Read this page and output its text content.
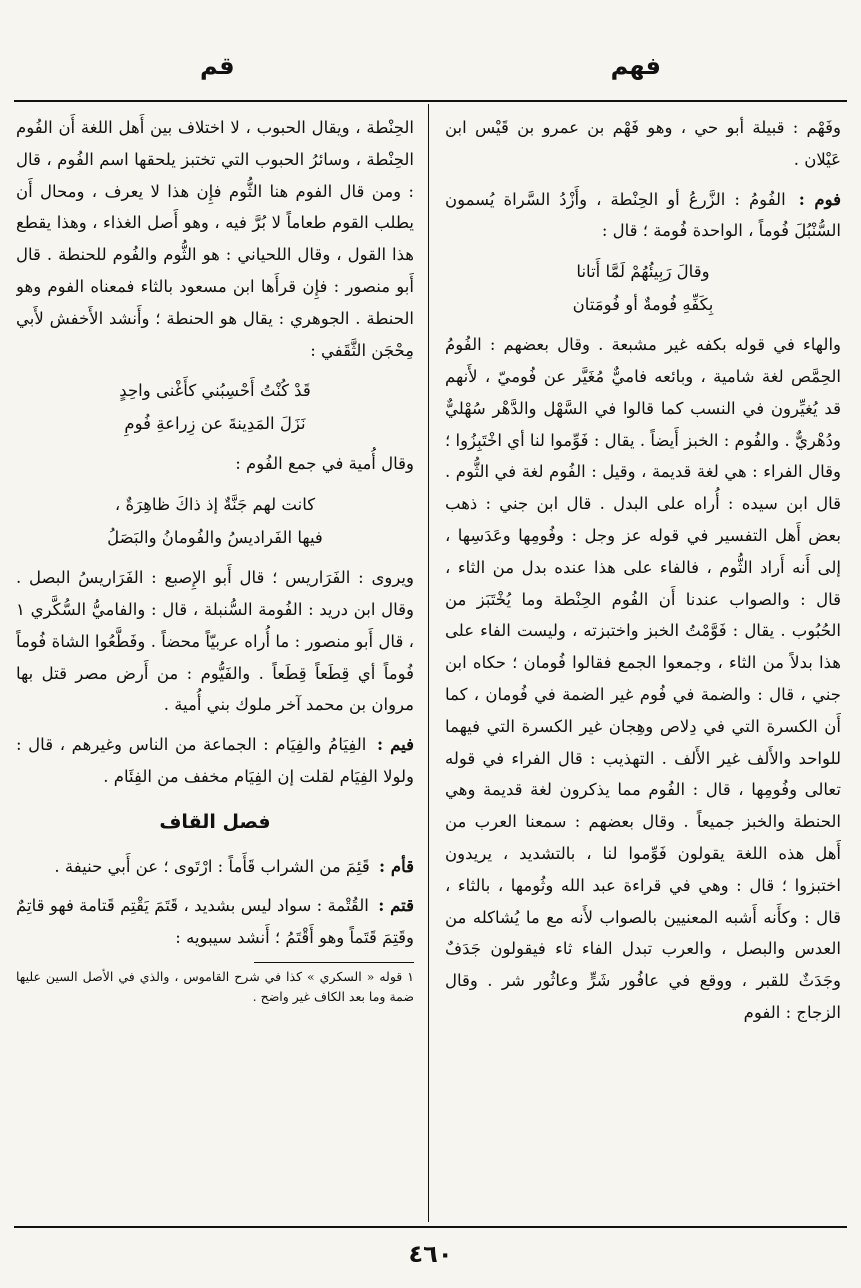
فهم
قم

وفَهْم : قبيلة أبو حي ، وهو فَهْم بن عمرو بن قَيْس ابن عَيْلان .

فوم : الفُومُ : الزَّرعُ أو الحِنْطة ، وأَزْدُ السَّراة يُسمون السُّنْبُلَ فُوماً ، الواحدة فُومة ؛ قال :

وقالَ رَبِيئُهُمْ لَمَّا أَتانا
بِكَفِّهِ فُومةٌ أو فُومَتان

والهاء في قوله بكفه غير مشبعة . وقال بعضهم : الفُومُ الحِمَّص لغة شامية ، وبائعه فاميٌّ مُغَيَّر عن فُوميّ ، لأَنهم قد يُغيِّرون في النسب كما قالوا في السَّهْل والدَّهْر سُهْليٌّ ودُهْريٌّ . والفُوم : الخبز أَيضاً . يقال : فَوِّموا لنا أي اخْتَبِزُوا ؛ وقال الفراء : هي لغة قديمة ، وقيل : الفُوم لغة في الثُّوم . قال ابن سيده : أُراه على البدل . قال ابن جني : ذهب بعض أَهل التفسير في قوله عز وجل : وفُومِها وعَدَسِها ، إلى أَنه أَراد الثُّوم ، فالفاء على هذا عنده بدل من الثاء ، قال : والصواب عندنا أَن الفُوم الحِنْطة وما يُخْتَبَز من الحُبُوب . يقال : فَوَّمْتُ الخبز واختبزته ، وليست الفاء على هذا بدلاً من الثاء ، وجمعوا الجمع فقالوا فُومان ؛ حكاه ابن جني ، قال : والضمة في فُوم غير الضمة في فُومان ، كما أَن الكسرة التي في دِلاص وهِجان غير الكسرة التي فيهما للواحد والأَلف غير الأَلف . التهذيب : قال الفراء في قوله تعالى وفُومِها ، قال : الفُوم مما يذكرون لغة قديمة وهي الحنطة والخبز جميعاً . وقال بعضهم : سمعنا العرب من أَهل هذه اللغة يقولون فَوِّموا لنا ، بالتشديد ، يريدون اختبزوا ؛ قال : وهي في قراءة عبد الله وثُومها ، بالثاء ، قال : وكأَنه أَشبه المعنيين بالصواب لأَنه مع ما يُشاكله من العدس والبصل ، والعرب تبدل الفاء ثاء فيقولون جَدَفٌ وجَدَثٌ للقبر ، ووقع في عافُور شَرٍّ وعاثُور شر . وقال الزجاج : الفوم

الحِنْطة ، ويقال الحبوب ، لا اختلاف بين أَهل اللغة أَن الفُوم الحِنْطة ، وسائرُ الحبوب التي تختبز يلحقها اسم الفُوم ، قال : ومن قال الفوم هنا الثُّوم فإِن هذا لا يعرف ، ومحال أَن يطلب القوم طعاماً لا بُرَّ فيه ، وهو أَصل الغذاء ، وهذا يقطع هذا القول ، وقال اللحياني : هو الثُّوم والفُوم للحنطة . قال أَبو منصور : فإِن قرأَها ابن مسعود بالثاء فمعناه الفوم وهو الحنطة . الجوهري : يقال هو الحنطة ؛ وأَنشد الأَخفش لأَبي مِحْجَن الثَّقَفي :

قَدْ كُنْتُ أَحْسِبُني كأَغْنى واحِدٍ
نَزَلَ المَدِينةَ عن زِراعةِ فُومِ

وقال أُمية في جمع الفُوم :

كانت لهم جَنَّةٌ إذ ذاكَ ظاهِرَةٌ ،
فيها الفَراديسُ والفُومانُ والبَصَلُ

ويروى : الفَرَاريس ؛ قال أَبو الإِصبع : الفَرَاريسُ البصل . وقال ابن دريد : الفُومة السُّنبلة ، قال : والفاميُّ السُّكَّري ١ ، قال أَبو منصور : ما أُراه عربيّاً محضاً . وفَطَّعُوا الشاة فُوماً فُوماً أي قِطَعاً قِطَعاً . والفَيُّوم : من أَرض مصر قتل بها مروان بن محمد آخر ملوك بني أُمية .

فيم : الفِيَامُ والفِيَام : الجماعة من الناس وغيرهم ، قال : ولولا الفِيَام لقلت إن الفِيَام مخفف من الفِئَام .

فصل القاف

قأم : قَئِمَ من الشراب قَأَماً : ارْتَوى ؛ عن أَبي حنيفة .

قتم : القُتْمة : سواد ليس بشديد ، قَتَمَ يَقْتِم قَتامة فهو قاتِمٌ وقَتِمَ قَتَماً وهو أَقْتَمُ ؛ أَنشد سيبويه :

١ قوله « السكري » كذا في شرح القاموس ، والذي في الأصل السين عليها ضمة وما بعد الكاف غير واضح .

٤٦٠
